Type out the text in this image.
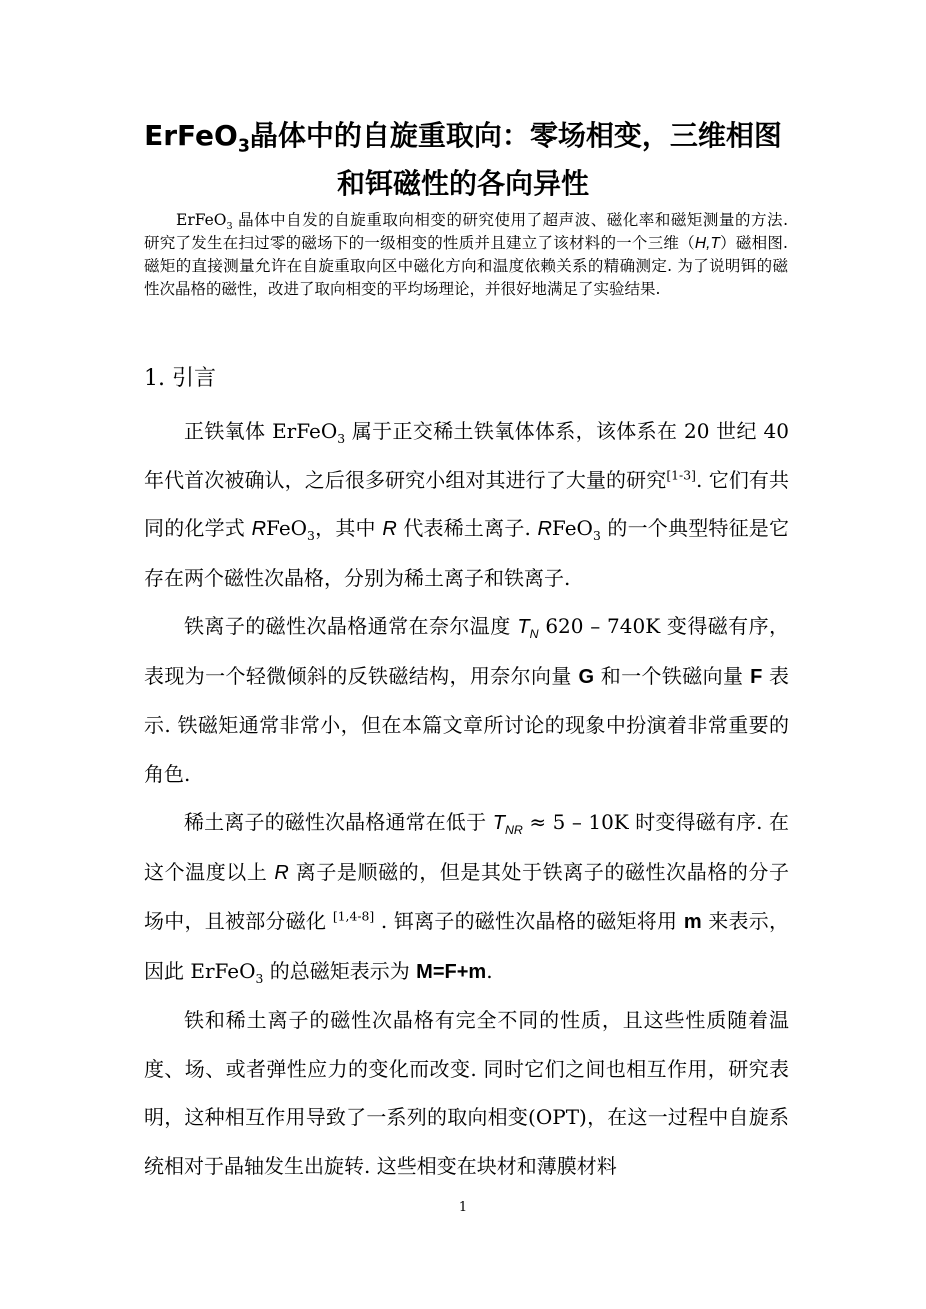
ErFeO$_3$晶体中的自旋重取向：零场相变，三维相图
和铒磁性的各向异性

ErFeO$_3$ 晶体中自发的自旋重取向相变的研究使用了超声波、磁化率和磁矩测量的方法. 研究了发生在扫过零的磁场下的一级相变的性质并且建立了该材料的一个三维（H,T）磁相图. 磁矩的直接测量允许在自旋重取向区中磁化方向和温度依赖关系的精确测定. 为了说明铒的磁性次晶格的磁性，改进了取向相变的平均场理论，并很好地满足了实验结果.

1. 引言

正铁氧体 ErFeO$_3$ 属于正交稀土铁氧体体系，该体系在 20 世纪 40 年代首次被确认，之后很多研究小组对其进行了大量的研究[1-3]. 它们有共同的化学式 RFeO$_3$，其中 R 代表稀土离子. RFeO$_3$ 的一个典型特征是它存在两个磁性次晶格，分别为稀土离子和铁离子.

铁离子的磁性次晶格通常在奈尔温度 $T_N$ 620 – 740K 变得磁有序，表现为一个轻微倾斜的反铁磁结构，用奈尔向量 G 和一个铁磁向量 F 表示. 铁磁矩通常非常小，但在本篇文章所讨论的现象中扮演着非常重要的角色.

稀土离子的磁性次晶格通常在低于 $T_{NR} \approx 5 - 10K$ 时变得磁有序. 在这个温度以上 R 离子是顺磁的，但是其处于铁离子的磁性次晶格的分子场中，且被部分磁化 [1,4-8] . 铒离子的磁性次晶格的磁矩将用 m 来表示，因此 ErFeO$_3$ 的总磁矩表示为 M=F+m.

铁和稀土离子的磁性次晶格有完全不同的性质，且这些性质随着温度、场、或者弹性应力的变化而改变. 同时它们之间也相互作用，研究表明，这种相互作用导致了一系列的取向相变(OPT)，在这一过程中自旋系统相对于晶轴发生出旋转. 这些相变在块材和薄膜材料

1
